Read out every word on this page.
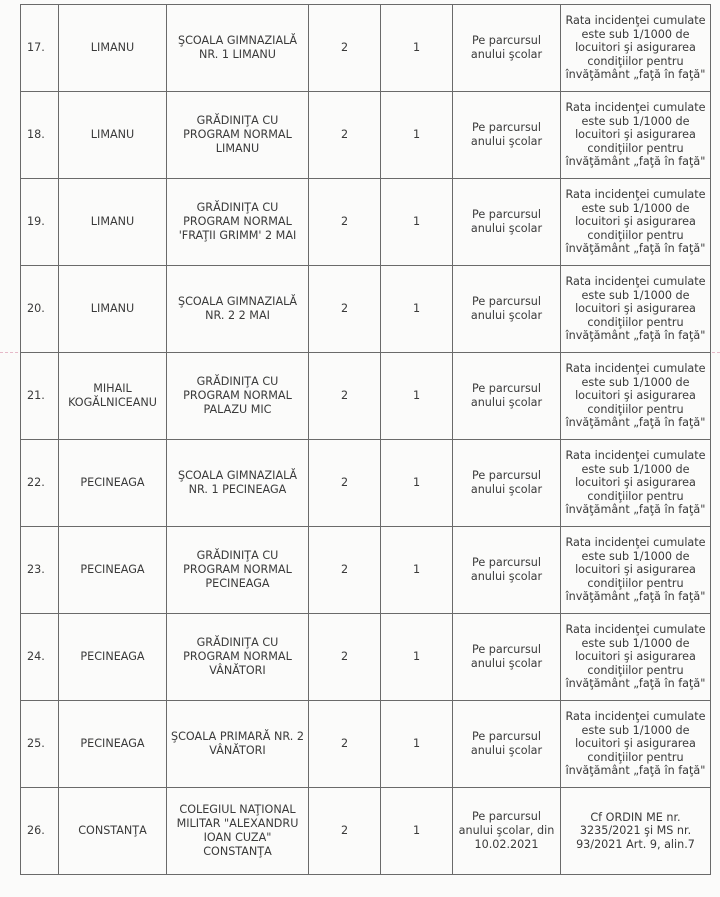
17.	LIMANU	ŞCOALA GIMNAZIALĂ NR. 1 LIMANU	2	1	Pe parcursul anului şcolar	Rata incidenţei cumulate este sub 1/1000 de locuitori şi asigurarea condiţiilor pentru învăţământ „faţă în faţă"
18.	LIMANU	GRĂDINIŢA CU PROGRAM NORMAL LIMANU	2	1	Pe parcursul anului şcolar	Rata incidenţei cumulate este sub 1/1000 de locuitori şi asigurarea condiţiilor pentru învăţământ „faţă în faţă"
19.	LIMANU	GRĂDINIŢA CU PROGRAM NORMAL 'FRAŢII GRIMM' 2 MAI	2	1	Pe parcursul anului şcolar	Rata incidenţei cumulate este sub 1/1000 de locuitori şi asigurarea condiţiilor pentru învăţământ „faţă în faţă"
20.	LIMANU	ŞCOALA GIMNAZIALĂ NR. 2 2 MAI	2	1	Pe parcursul anului şcolar	Rata incidenţei cumulate este sub 1/1000 de locuitori şi asigurarea condiţiilor pentru învăţământ „faţă în faţă"
21.	MIHAIL KOGĂLNICEANU	GRĂDINIŢA CU PROGRAM NORMAL PALAZU MIC	2	1	Pe parcursul anului şcolar	Rata incidenţei cumulate este sub 1/1000 de locuitori şi asigurarea condiţiilor pentru învăţământ „faţă în faţă"
22.	PECINEAGA	ŞCOALA GIMNAZIALĂ NR. 1 PECINEAGA	2	1	Pe parcursul anului şcolar	Rata incidenţei cumulate este sub 1/1000 de locuitori şi asigurarea condiţiilor pentru învăţământ „faţă în faţă"
23.	PECINEAGA	GRĂDINIŢA CU PROGRAM NORMAL PECINEAGA	2	1	Pe parcursul anului şcolar	Rata incidenţei cumulate este sub 1/1000 de locuitori şi asigurarea condiţiilor pentru învăţământ „faţă în faţă"
24.	PECINEAGA	GRĂDINIŢA CU PROGRAM NORMAL VÂNĂTORI	2	1	Pe parcursul anului şcolar	Rata incidenţei cumulate este sub 1/1000 de locuitori şi asigurarea condiţiilor pentru învăţământ „faţă în faţă"
25.	PECINEAGA	ŞCOALA PRIMARĂ NR. 2 VÂNĂTORI	2	1	Pe parcursul anului şcolar	Rata incidenţei cumulate este sub 1/1000 de locuitori şi asigurarea condiţiilor pentru învăţământ „faţă în faţă"
26.	CONSTANŢA	COLEGIUL NAŢIONAL MILITAR "ALEXANDRU IOAN CUZA" CONSTANŢA	2	1	Pe parcursul anului şcolar, din 10.02.2021	Cf ORDIN ME nr. 3235/2021 şi MS nr. 93/2021 Art. 9, alin.7
